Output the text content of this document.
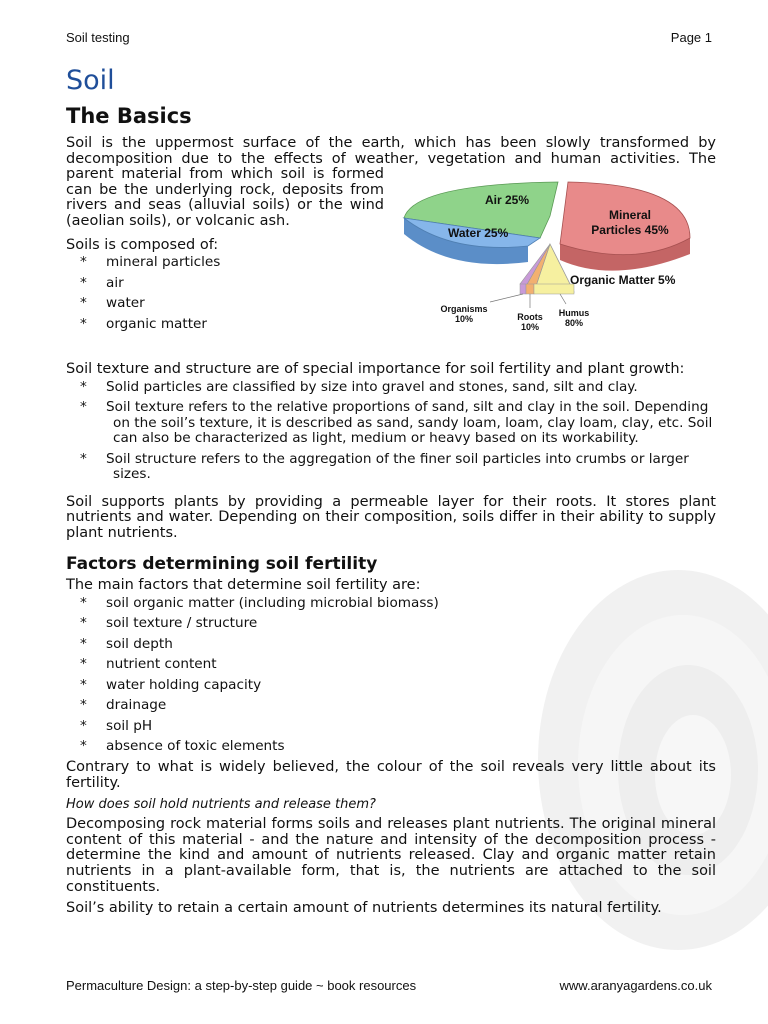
Soil testing	Page 1
Soil
The Basics
Air 25%
Water 25%
Mineral
Particles 45%
Organic Matter 5%
Organisms
10%	Roots
10%
Humus
80%

Soil is the uppermost surface of the earth, which has been slowly transformed by decomposition due to the effects of weather, vegetation and human activities. The parent material from which soil is formed can be the underlying rock, deposits from rivers and seas (alluvial soils) or the wind (aeolian soils), or volcanic ash.

Soils is composed of:

* mineral particles
* air
* water
* organic matter

Soil texture and structure are of special importance for soil fertility and plant growth:

* Solid particles are classified by size into gravel and stones, sand, silt and clay.
* Soil texture refers to the relative proportions of sand, silt and clay in the soil. Depending on the soil’s texture, it is described as sand, sandy loam, loam, clay loam, clay, etc. Soil can also be characterized as light, medium or heavy based on its workability.
* Soil structure refers to the aggregation of the finer soil particles into crumbs or larger sizes.

Soil supports plants by providing a permeable layer for their roots. It stores plant nutrients and water. Depending on their composition, soils differ in their ability to supply plant nutrients.

Factors determining soil fertility

The main factors that determine soil fertility are:

* soil organic matter (including microbial biomass)
* soil texture / structure
* soil depth
* nutrient content
* water holding capacity
* drainage
* soil pH
* absence of toxic elements

Contrary to what is widely believed, the colour of the soil reveals very little about its fertility.

How does soil hold nutrients and release them?

Decomposing rock material forms soils and releases plant nutrients. The original mineral content of this material - and the nature and intensity of the decomposition process - determine the kind and amount of nutrients released. Clay and organic matter retain nutrients in a plant-available form, that is, the nutrients are attached to the soil constituents.

Soil’s ability to retain a certain amount of nutrients determines its natural fertility.

Permaculture Design: a step-by-step guide ~ book resources	www.aranyagardens.co.uk
